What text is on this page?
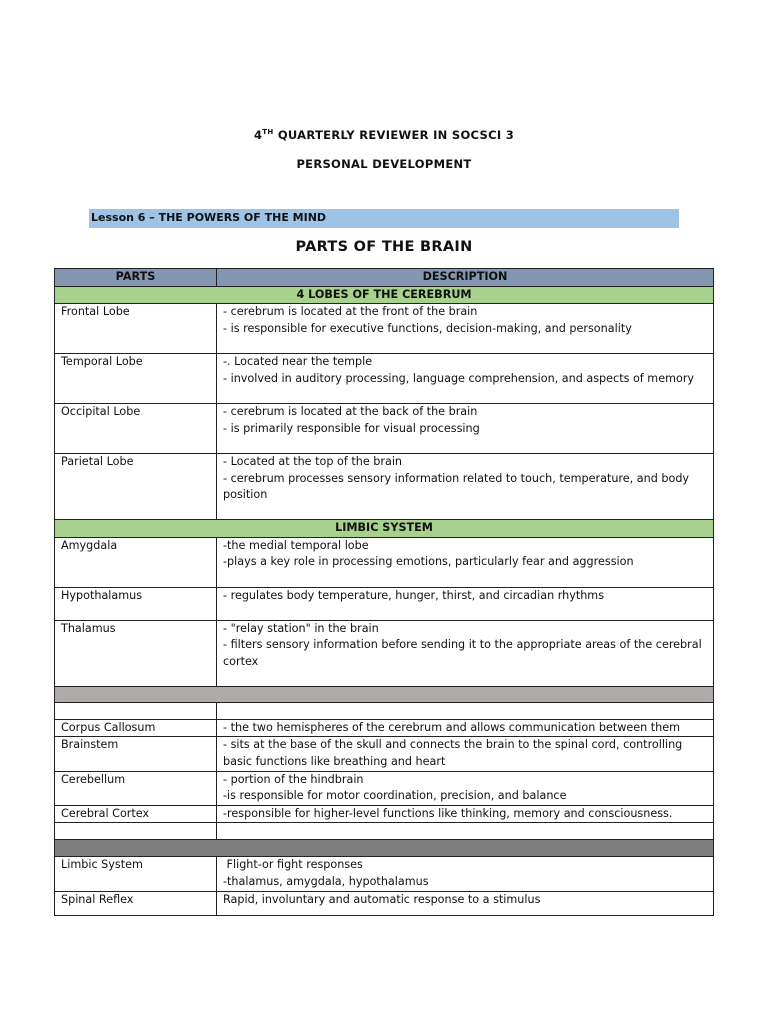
4TH QUARTERLY REVIEWER IN SOCSCI 3
PERSONAL DEVELOPMENT
Lesson 6 – THE POWERS OF THE MIND
PARTS OF THE BRAIN
PARTS	DESCRIPTION
4 LOBES OF THE CEREBRUM	
Frontal Lobe	- cerebrum is located at the front of the brain
- is responsible for executive functions, decision-making, and personality

Temporal Lobe	-. Located near the temple
- involved in auditory processing, language comprehension, and aspects of memory

Occipital Lobe	- cerebrum is located at the back of the brain
- is primarily responsible for visual processing

Parietal Lobe	- Located at the top of the brain
- cerebrum processes sensory information related to touch, temperature, and body position

LIMBIC SYSTEM	
Amygdala	-the medial temporal lobe
-plays a key role in processing emotions, particularly fear and aggression

Hypothalamus	- regulates body temperature, hunger, thirst, and circadian rhythms

Thalamus	- "relay station" in the brain
- filters sensory information before sending it to the appropriate areas of the cerebral cortex

Corpus Callosum	- the two hemispheres of the cerebrum and allows communication between them

Brainstem	- sits at the base of the skull and connects the brain to the spinal cord, controlling basic functions like breathing and heart

Cerebellum	- portion of the hindbrain
-is responsible for motor coordination, precision, and balance

Cerebral Cortex	-responsible for higher-level functions like thinking, memory and consciousness.

Limbic System	Flight-or fight responses
-thalamus, amygdala, hypothalamus

Spinal Reflex	Rapid, involuntary and automatic response to a stimulus
